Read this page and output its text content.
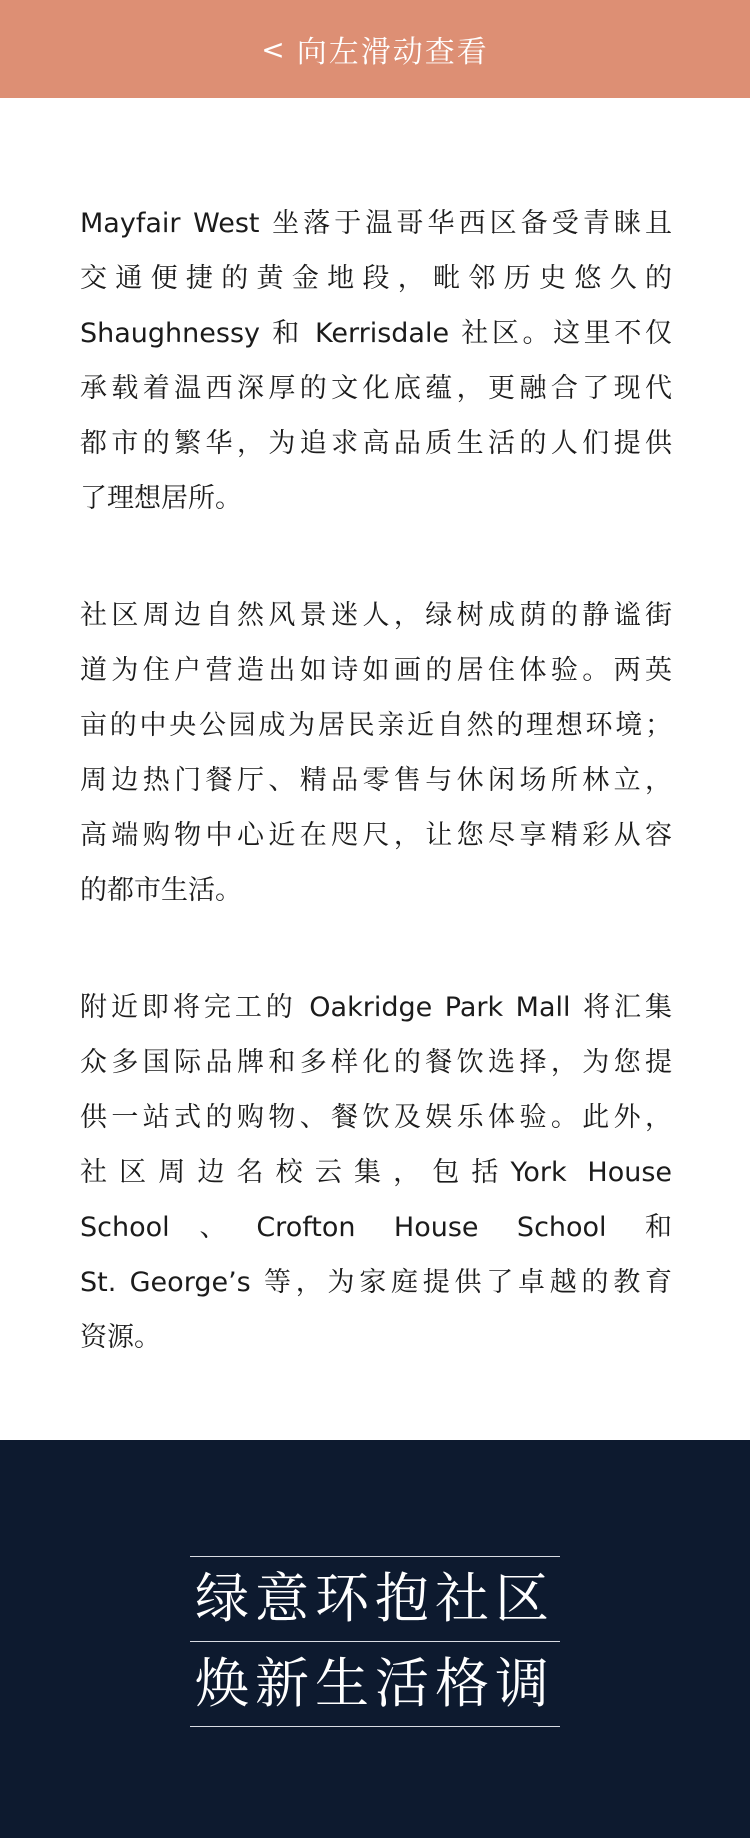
< 向左滑动查看

Mayfair West 坐落于温哥华西区备受青睐且
交通便捷的黄金地段，毗邻历史悠久的
Shaughnessy 和 Kerrisdale 社区。这里不仅
承载着温西深厚的文化底蕴，更融合了现代
都市的繁华，为追求高品质生活的人们提供
了理想居所。

社区周边自然风景迷人，绿树成荫的静谧街
道为住户营造出如诗如画的居住体验。两英
亩的中央公园成为居民亲近自然的理想环境；
周边热门餐厅、精品零售与休闲场所林立，
高端购物中心近在咫尺，让您尽享精彩从容
的都市生活。

附近即将完工的 Oakridge Park Mall 将汇集
众多国际品牌和多样化的餐饮选择，为您提
供一站式的购物、餐饮及娱乐体验。此外，
社区周边名校云集，包括York House
School、Crofton House School 和
St. George’s 等，为家庭提供了卓越的教育
资源。

绿意环抱社区
焕新生活格调
